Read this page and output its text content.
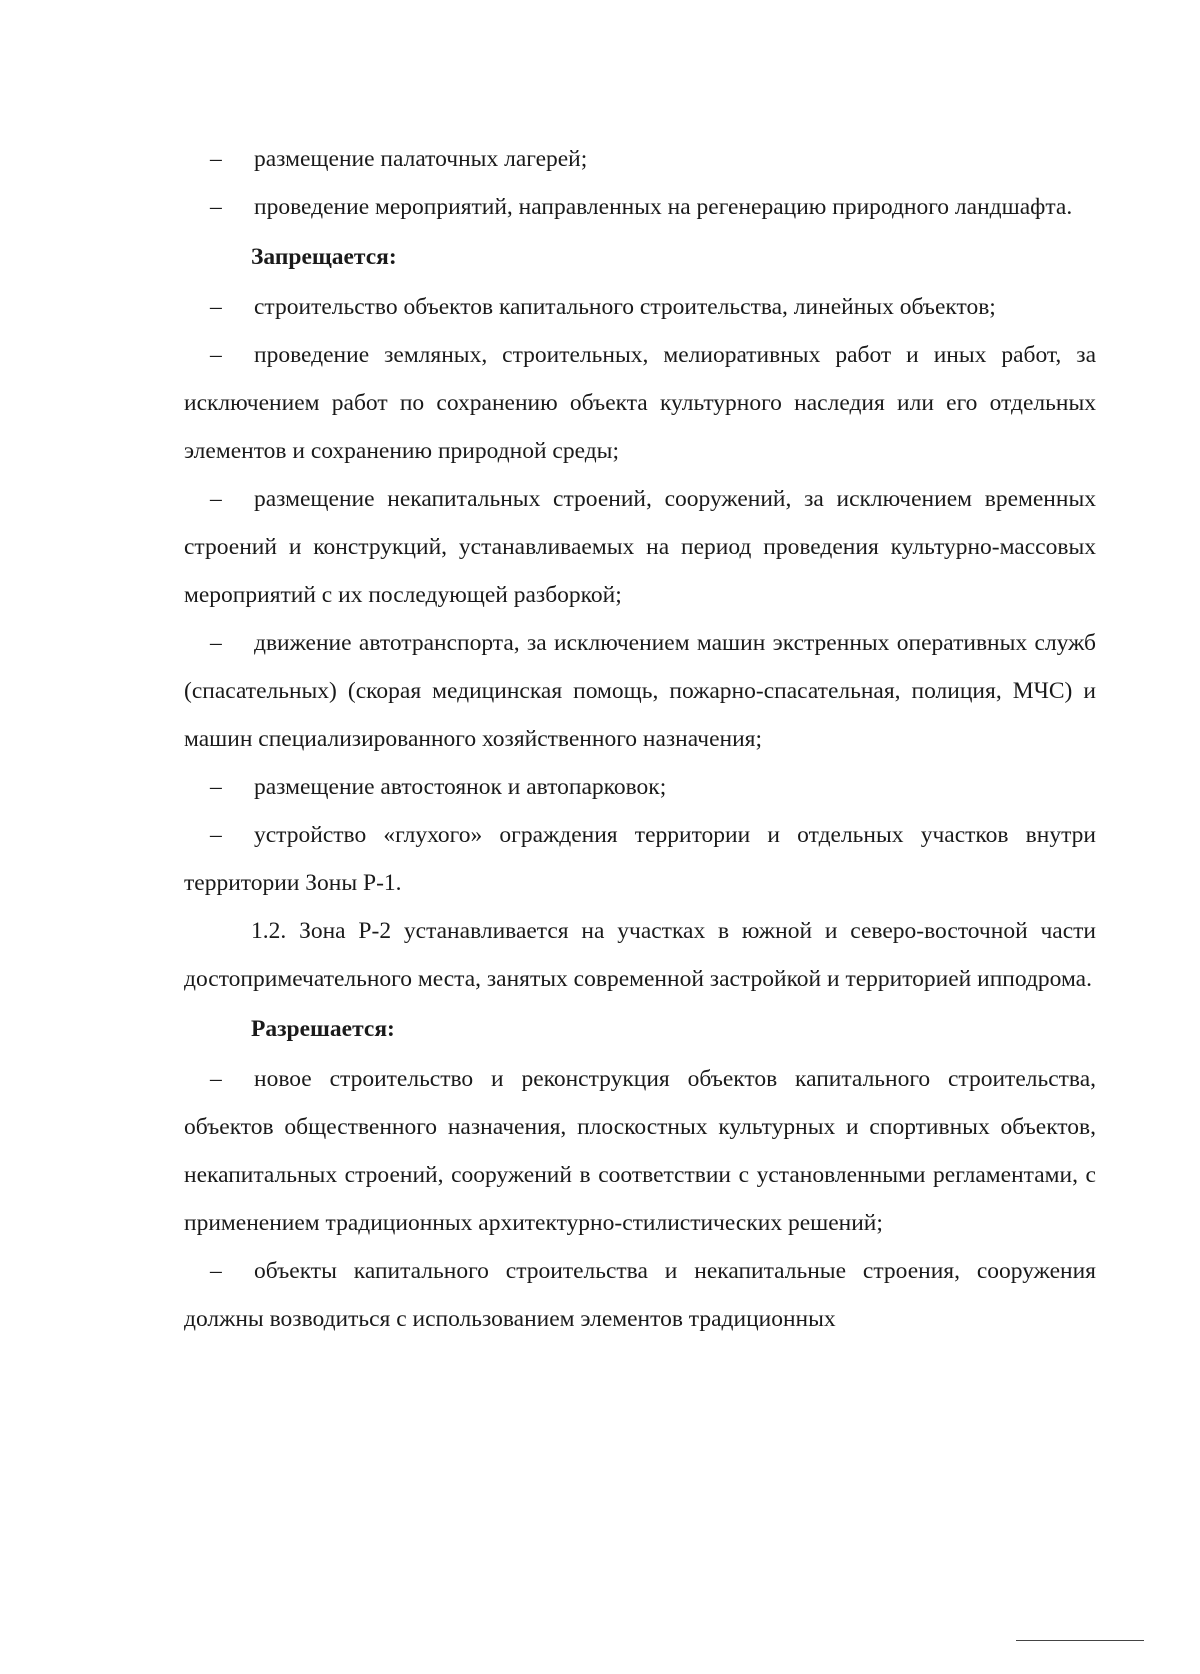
– размещение палаточных лагерей;

– проведение мероприятий, направленных на регенерацию природного ландшафта.

Запрещается:

– строительство объектов капитального строительства, линейных объектов;

– проведение земляных, строительных, мелиоративных работ и иных работ, за исключением работ по сохранению объекта культурного наследия или его отдельных элементов и сохранению природной среды;

– размещение некапитальных строений, сооружений, за исключением временных строений и конструкций, устанавливаемых на период проведения культурно-массовых мероприятий с их последующей разборкой;

– движение автотранспорта, за исключением машин экстренных оперативных служб (спасательных) (скорая медицинская помощь, пожарно-спасательная, полиция, МЧС) и машин специализированного хозяйственного назначения;

– размещение автостоянок и автопарковок;

– устройство «глухого» ограждения территории и отдельных участков внутри территории Зоны Р-1.

1.2. Зона Р-2 устанавливается на участках в южной и северо-восточной части достопримечательного места, занятых современной застройкой и территорией ипподрома.

Разрешается:

– новое строительство и реконструкция объектов капитального строительства, объектов общественного назначения, плоскостных культурных и спортивных объектов, некапитальных строений, сооружений в соответствии с установленными регламентами, с применением традиционных архитектурно-стилистических решений;

– объекты капитального строительства и некапитальные строения, сооружения должны возводиться с использованием элементов традиционных
